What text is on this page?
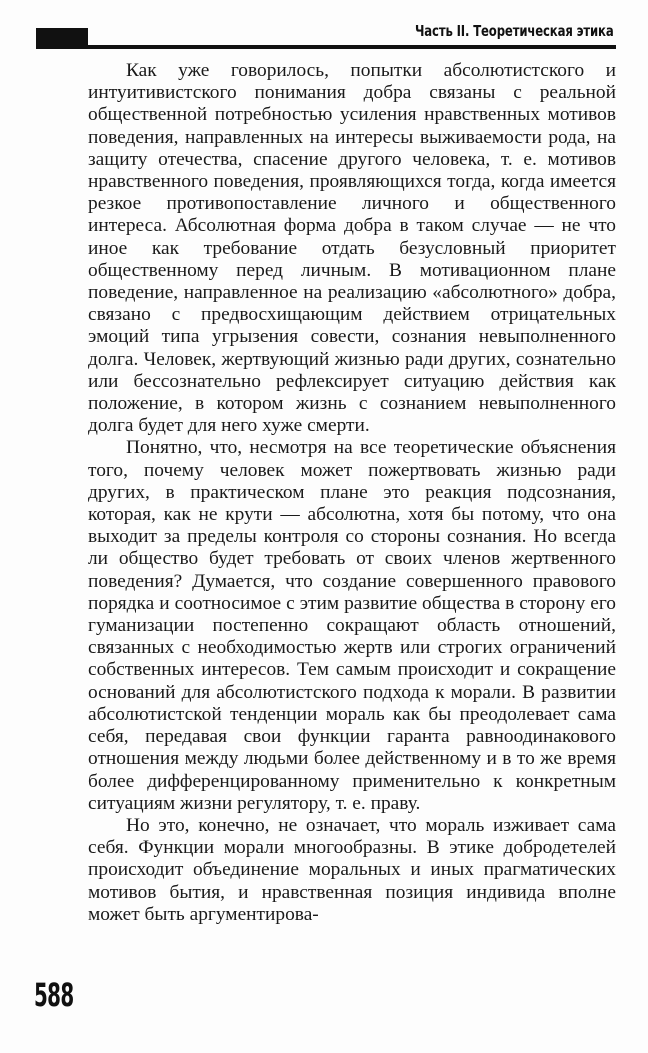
Часть II. Теоретическая этика

Как уже говорилось, попытки абсолютистского и интуитивистского понимания добра связаны с реальной общественной потребностью усиления нравственных мотивов поведения, направленных на интересы выживаемости рода, на защиту отечества, спасение другого человека, т. е. мотивов нравственного поведения, проявляющихся тогда, когда имеется резкое противопоставление личного и общественного интереса. Абсолютная форма добра в таком случае — не что иное как требование отдать безусловный приоритет общественному перед личным. В мотивационном плане поведение, направленное на реализацию «абсолютного» добра, связано с предвосхищающим действием отрицательных эмоций типа угрызения совести, сознания невыполненного долга. Человек, жертвующий жизнью ради других, сознательно или бессознательно рефлексирует ситуацию действия как положение, в котором жизнь с сознанием невыполненного долга будет для него хуже смерти.

Понятно, что, несмотря на все теоретические объяснения того, почему человек может пожертвовать жизнью ради других, в практическом плане это реакция подсознания, которая, как не крути — абсолютна, хотя бы потому, что она выходит за пределы контроля со стороны сознания. Но всегда ли общество будет требовать от своих членов жертвенного поведения? Думается, что создание совершенного правового порядка и соотносимое с этим развитие общества в сторону его гуманизации постепенно сокращают область отношений, связанных с необходимостью жертв или строгих ограничений собственных интересов. Тем самым происходит и сокращение оснований для абсолютистского подхода к морали. В развитии абсолютистской тенденции мораль как бы преодолевает сама себя, передавая свои функции гаранта равноодинакового отношения между людьми более действенному и в то же время более дифференцированному применительно к конкретным ситуациям жизни регулятору, т. е. праву.

Но это, конечно, не означает, что мораль изживает сама себя. Функции морали многообразны. В этике добродетелей происходит объединение моральных и иных прагматических мотивов бытия, и нравственная позиция индивида вполне может быть аргументирова-

588
